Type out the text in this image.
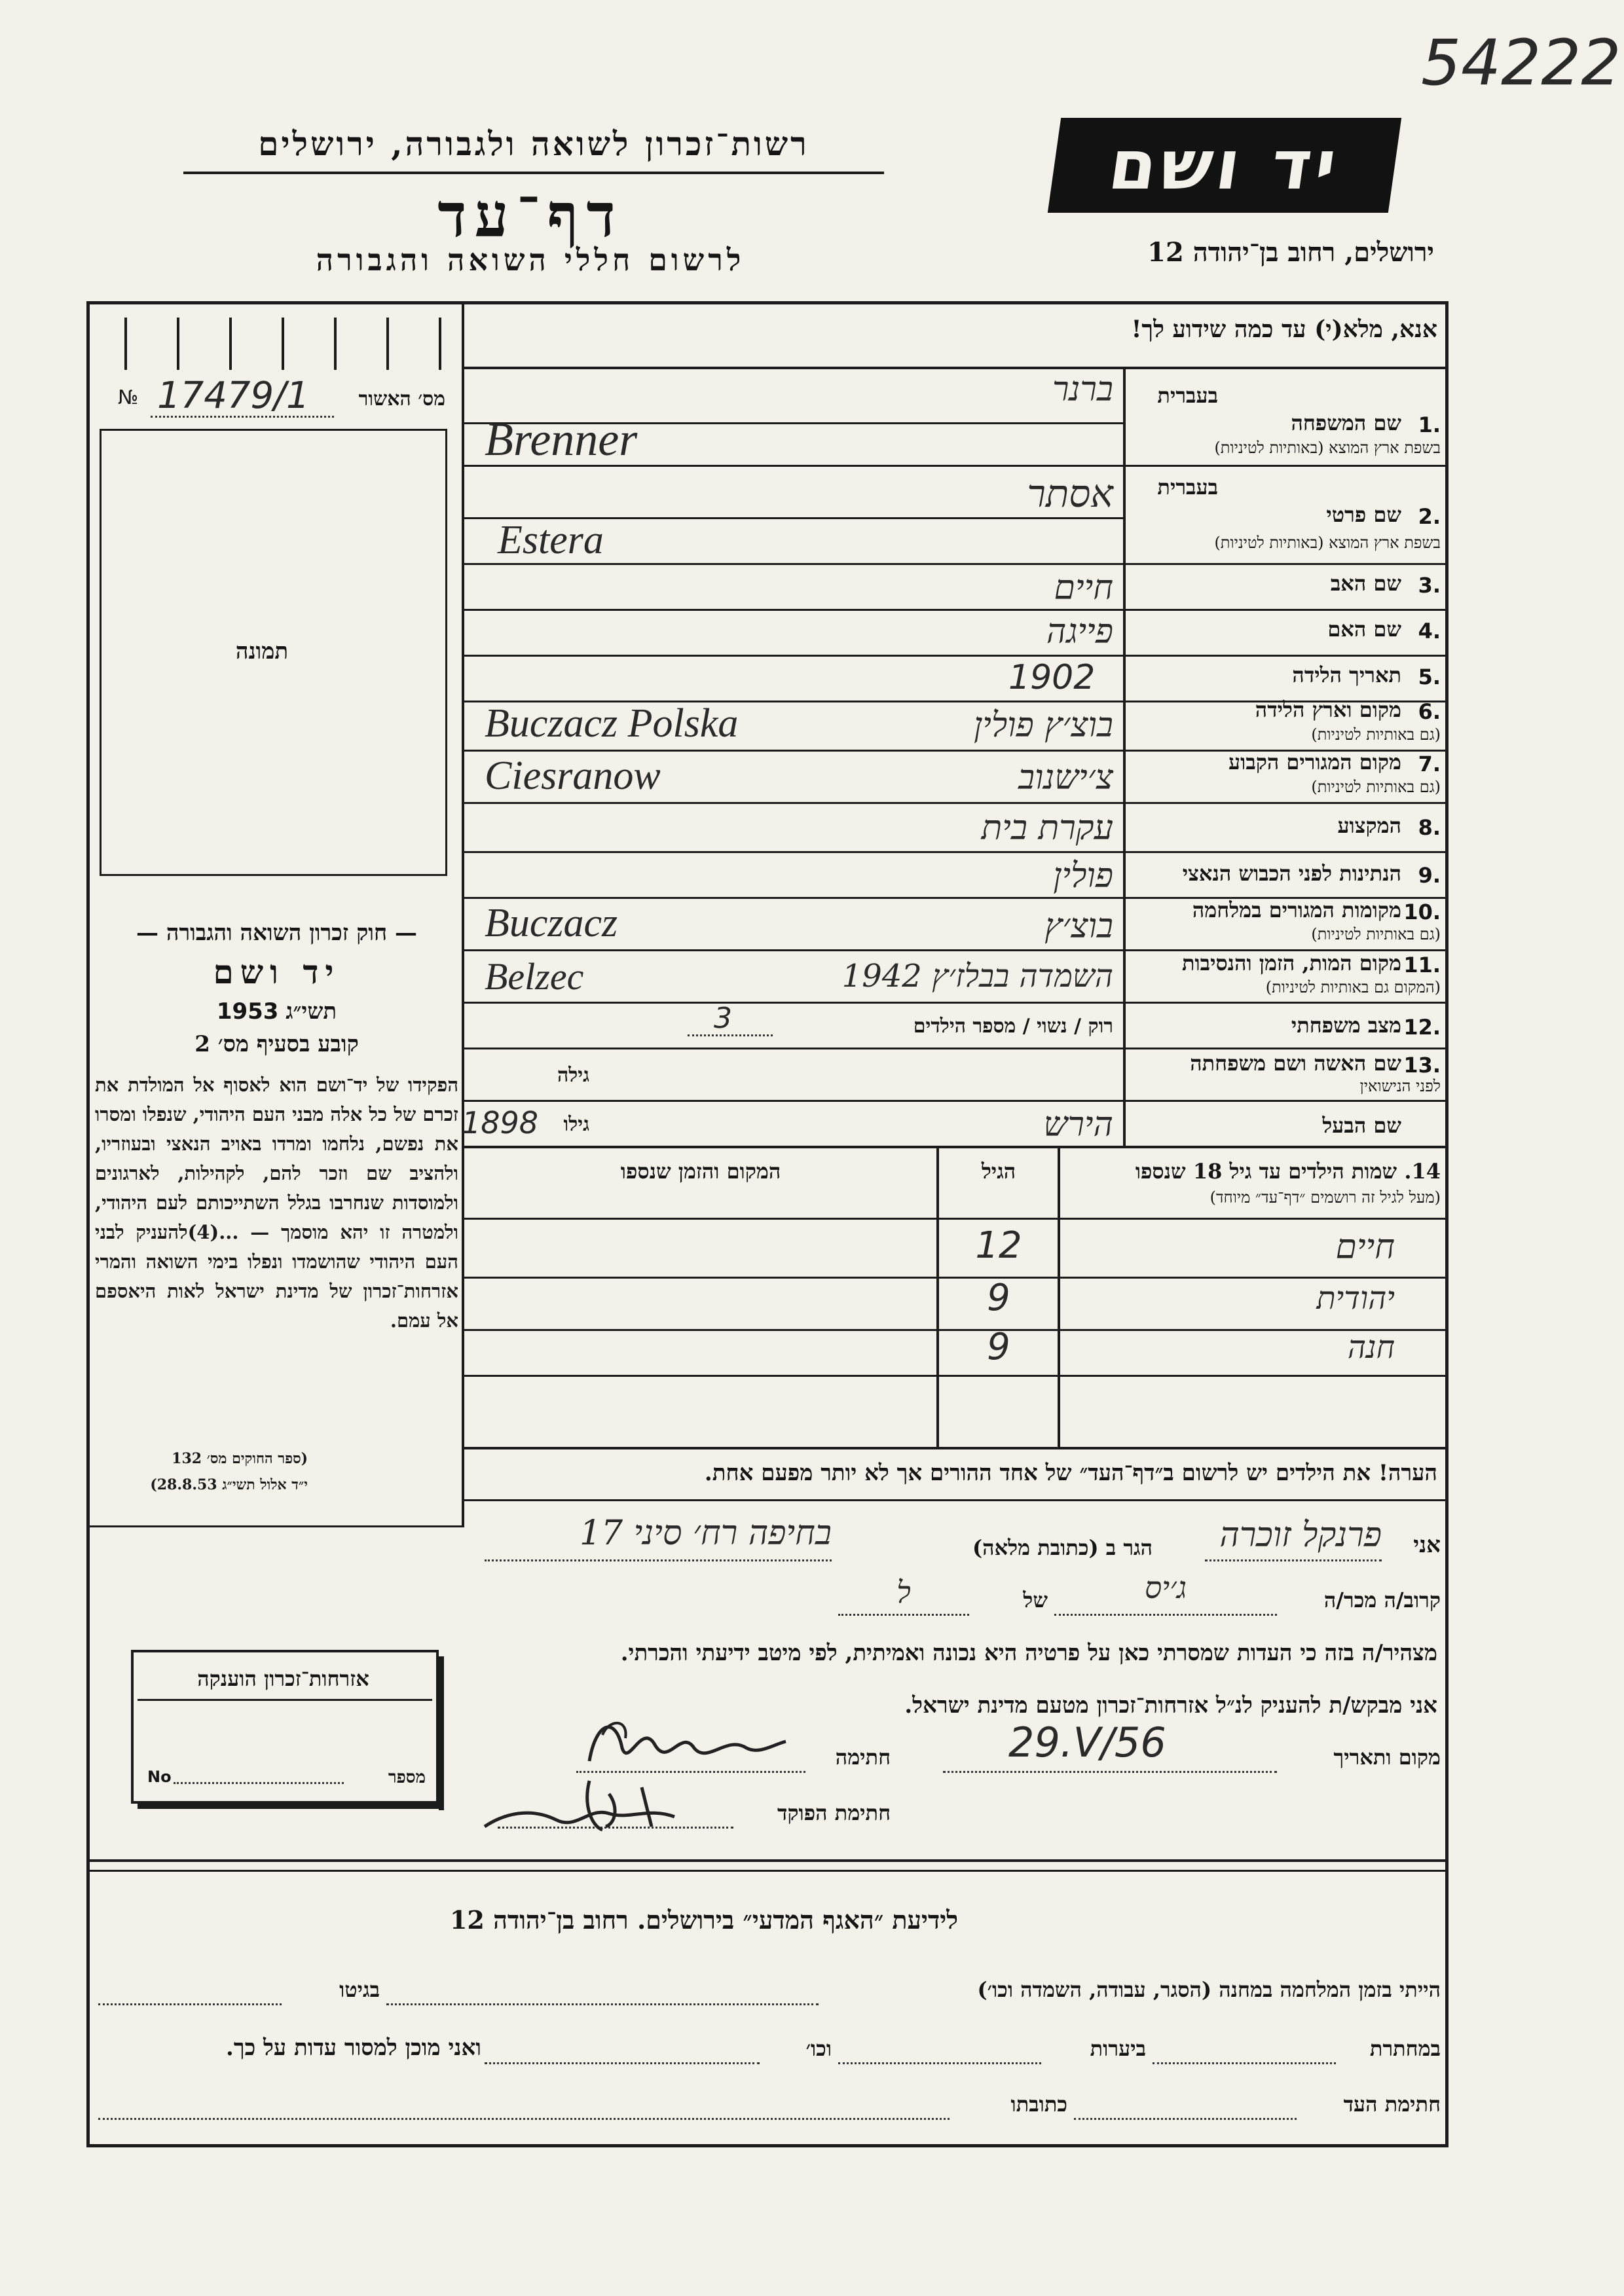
54222
רשות־זכרון לשואה ולגבורה, ירושלים
דף־עד
לרשום חללי השואה והגבורה
יד ושם
ירושלים, רחוב בן־יהודה 12
№ 17479/1	מס׳ האשור
תמונה
— חוק זכרון השואה והגבורה —
יד ושם
תשי״ג 1953
קובע בסעיף מס׳ 2
הפקידו של יד־ושם הוא לאסוף אל המולדת את זכרם של כל אלה מבני העם היהודי, שנפלו ומסרו את נפשם, נלחמו ומרדו באויב הנאצי ובעוזריו, ולהציב שם וזכר להם, לקהילות, לארגונים ולמוסדות שנחרבו בגלל השתייכותם לעם היהודי, ולמטרה זו יהא מוסמך — ...(4)להעניק לבני העם היהודי שהושמדו ונפלו בימי השואה והמרי אזרחות־זכרון של מדינת ישראל לאות היאספם אל עמם.
(ספר החוקים מס׳ 132
י״ד אלול תשי״ג 28.8.53)
אזרחות־זכרון הוענקה
No	מספר
אנא, מלא(י) עד כמה שידוע לך!
בעברית
1.
שם המשפחה
בשפת ארץ המוצא (באותיות לטיניות)
ברנר
Brenner
בעברית
2.
שם פרטי
בשפת ארץ המוצא (באותיות לטיניות)
אסתר
Estera
3.
שם האב
חיים
4.
שם האם
פייגה
5.
תאריך הלידה
1902
6.
מקום וארץ הלידה
(גם באותיות לטיניות)
בוצ׳ץ פולין
Buczacz Polska
7.
מקום המגורים הקבוע
(גם באותיות לטיניות)
צ׳ישנוב
Ciesranow
8.
המקצוע
עקרת בית
9.
הנתינות לפני הכבוש הנאצי
פולין
10.
מקומות המגורים במלחמה
(גם באותיות לטיניות)
בוצ׳ץ
Buczacz
11.
מקום המות, הזמן והנסיבות
(המקום גם באותיות לטיניות)
השמדה בבלז׳ץ 1942
Belzec
12.
מצב משפחתי
רוק / נשוי / מספר הילדים
3
13.
שם האשה ושם משפחתה
לפני הנישואין
גילה
שם הבעל
הירש
גילו
1898
14. שמות הילדים עד גיל 18 שנספו
(מעל לגיל זה רושמים ״דף־עד״ מיוחד)
הגיל
המקום והזמן שנספו
חיים
12
יהודית
9
חנה
9
הערה! את הילדים יש לרשום ב״דף־העד״ של אחד ההורים אך לא יותר מפעם אחת.
אני
פרנקל זוכרה
הגר ב (כתובת מלאה)
בחיפה רח׳ סיני 17
קרוב/ה מכר/ה
ג׳יס
של
ל
מצהיר/ה בזה כי העדות שמסרתי כאן על פרטיה היא נכונה ואמיתית, לפי מיטב ידיעתי והכרתי.
אני מבקש/ת להעניק לנ״ל אזרחות־זכרון מטעם מדינת ישראל.
מקום ותאריך
29.V/56
חתימה
חתימת הפוקד
לידיעת ״האגף המדעי״ בירושלים. רחוב בן־יהודה 12
הייתי בזמן המלחמה במחנה (הסגר, עבודה, השמדה וכו׳)
בגיטו
במחתרת
ביערות
וכו׳
ואני מוכן למסור עדות על כך.
חתימת העד
כתובתו
